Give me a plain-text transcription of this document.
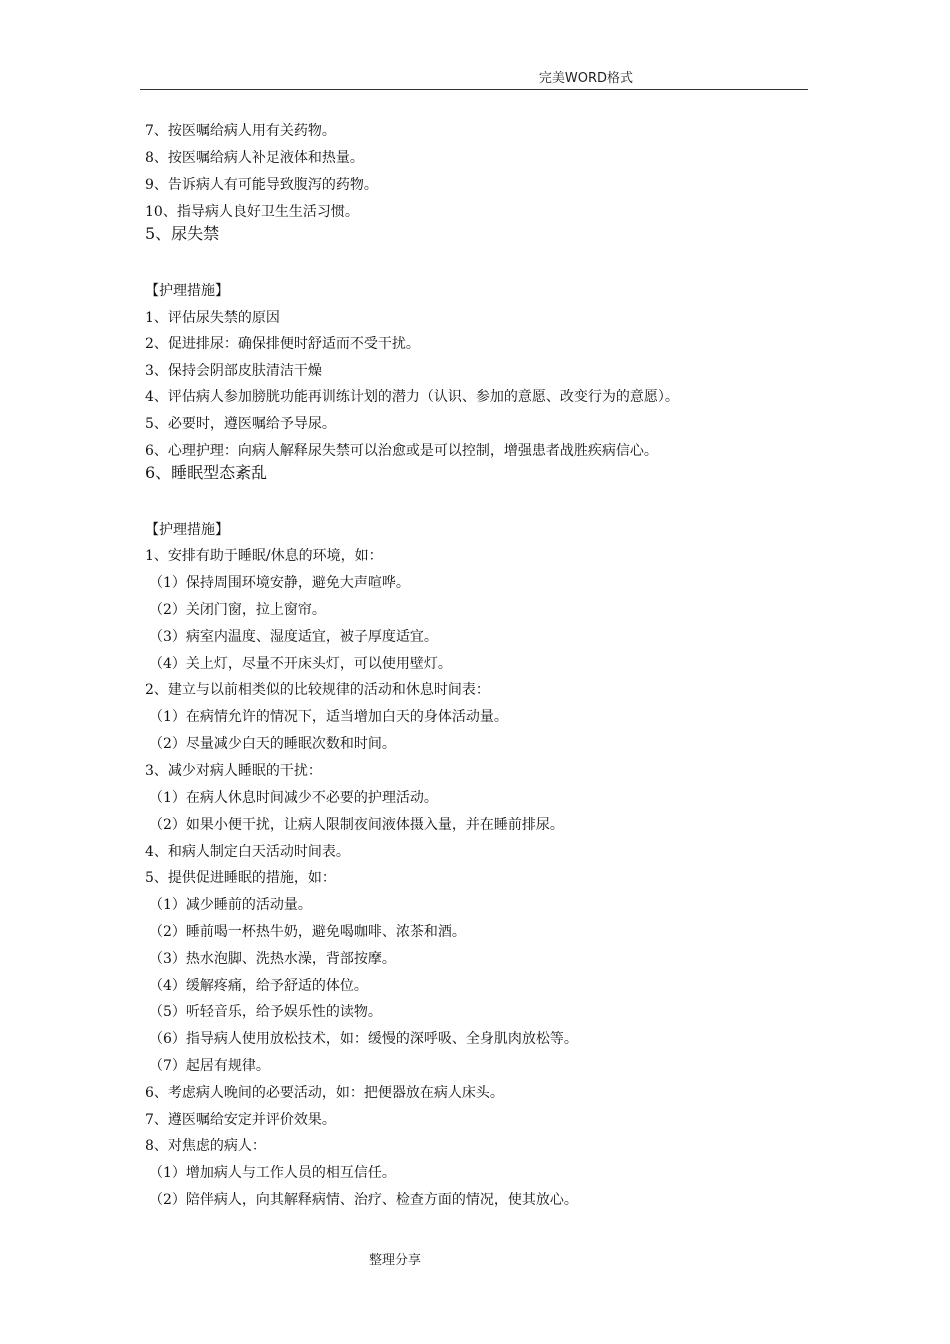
完美WORD格式
7、按医嘱给病人用有关药物。
8、按医嘱给病人补足液体和热量。
9、告诉病人有可能导致腹泻的药物。
10、指导病人良好卫生生活习惯。
5、尿失禁
【护理措施】
1、评估尿失禁的原因
2、促进排尿：确保排便时舒适而不受干扰。
3、保持会阴部皮肤清洁干燥
4、评估病人参加膀胱功能再训练计划的潜力（认识、参加的意愿、改变行为的意愿）。
5、必要时，遵医嘱给予导尿。
6、心理护理：向病人解释尿失禁可以治愈或是可以控制，增强患者战胜疾病信心。
6、睡眠型态紊乱
【护理措施】
1、安排有助于睡眠/休息的环境，如：
（1）保持周围环境安静，避免大声喧哗。
（2）关闭门窗，拉上窗帘。
（3）病室内温度、湿度适宜，被子厚度适宜。
（4）关上灯，尽量不开床头灯，可以使用壁灯。
2、建立与以前相类似的比较规律的活动和休息时间表：
（1）在病情允许的情况下，适当增加白天的身体活动量。
（2）尽量减少白天的睡眠次数和时间。
3、减少对病人睡眠的干扰：
（1）在病人休息时间减少不必要的护理活动。
（2）如果小便干扰，让病人限制夜间液体摄入量，并在睡前排尿。
4、和病人制定白天活动时间表。
5、提供促进睡眠的措施，如：
（1）减少睡前的活动量。
（2）睡前喝一杯热牛奶，避免喝咖啡、浓茶和酒。
（3）热水泡脚、洗热水澡，背部按摩。
（4）缓解疼痛，给予舒适的体位。
（5）听轻音乐，给予娱乐性的读物。
（6）指导病人使用放松技术，如：缓慢的深呼吸、全身肌肉放松等。
（7）起居有规律。
6、考虑病人晚间的必要活动，如：把便器放在病人床头。
7、遵医嘱给安定并评价效果。
8、对焦虑的病人：
（1）增加病人与工作人员的相互信任。
（2）陪伴病人，向其解释病情、治疗、检查方面的情况，使其放心。
整理分享
